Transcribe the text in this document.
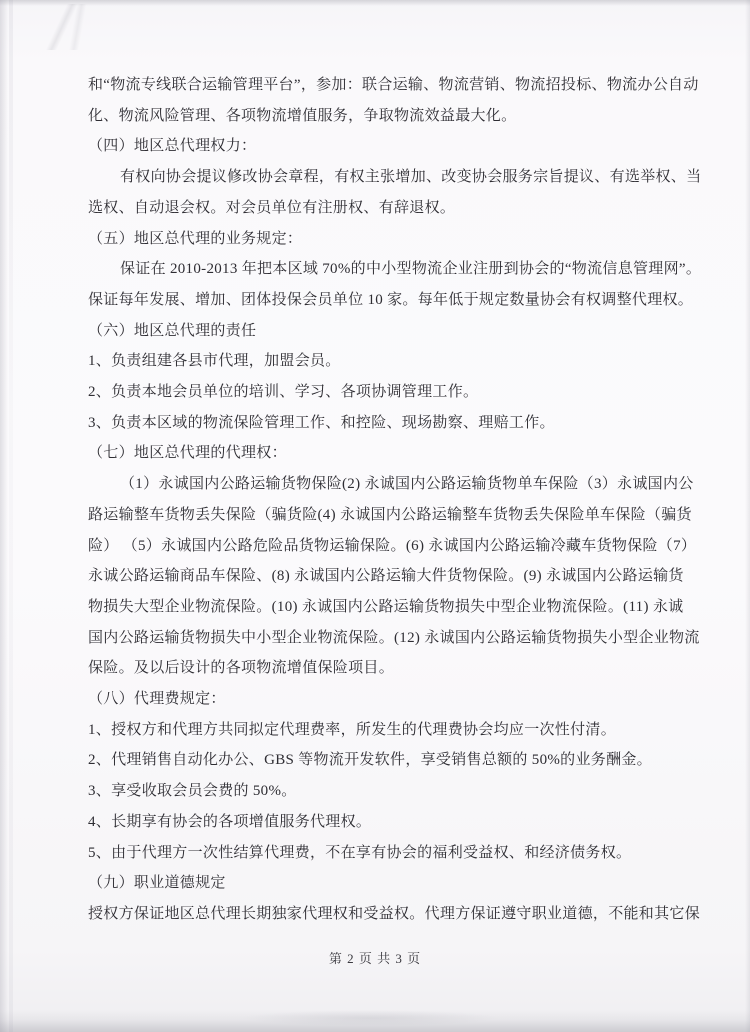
和“物流专线联合运输管理平台”，参加：联合运输、物流营销、物流招投标、物流办公自动
化、物流风险管理、各项物流增值服务，争取物流效益最大化。
（四）地区总代理权力：
有权向协会提议修改协会章程，有权主张增加、改变协会服务宗旨提议、有选举权、当
选权、自动退会权。对会员单位有注册权、有辞退权。
（五）地区总代理的业务规定：
保证在 2010-2013 年把本区域 70%的中小型物流企业注册到协会的“物流信息管理网”。
保证每年发展、增加、团体投保会员单位 10 家。每年低于规定数量协会有权调整代理权。
（六）地区总代理的责任
1、负责组建各县市代理，加盟会员。
2、负责本地会员单位的培训、学习、各项协调管理工作。
3、负责本区域的物流保险管理工作、和控险、现场勘察、理赔工作。
（七）地区总代理的代理权：
（1）永诚国内公路运输货物保险(2) 永诚国内公路运输货物单车保险（3）永诚国内公
路运输整车货物丢失保险（骗货险(4) 永诚国内公路运输整车货物丢失保险单车保险（骗货
险） （5）永诚国内公路危险品货物运输保险。(6) 永诚国内公路运输冷藏车货物保险（7）
永诚公路运输商品车保险、(8) 永诚国内公路运输大件货物保险。(9) 永诚国内公路运输货
物损失大型企业物流保险。(10) 永诚国内公路运输货物损失中型企业物流保险。(11) 永诚
国内公路运输货物损失中小型企业物流保险。(12) 永诚国内公路运输货物损失小型企业物流
保险。及以后设计的各项物流增值保险项目。
（八）代理费规定：
1、授权方和代理方共同拟定代理费率，所发生的代理费协会均应一次性付清。
2、代理销售自动化办公、GBS 等物流开发软件，享受销售总额的 50%的业务酬金。
3、享受收取会员会费的 50%。
4、长期享有协会的各项增值服务代理权。
5、由于代理方一次性结算代理费，不在享有协会的福利受益权、和经济债务权。
（九）职业道德规定
授权方保证地区总代理长期独家代理权和受益权。代理方保证遵守职业道德，不能和其它保
第 2 页 共 3 页
